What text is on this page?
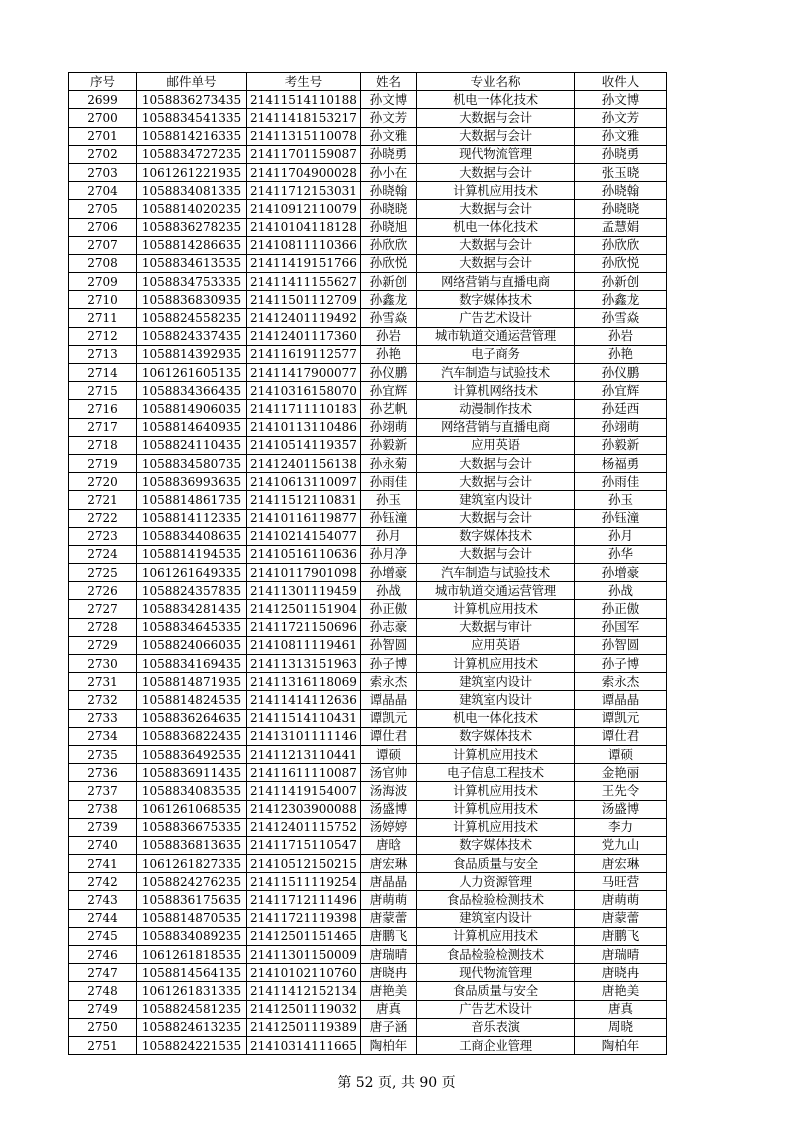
序号	邮件单号	考生号	姓名	专业名称	收件人
2699	1058836273435	21411514110188	孙文博	机电一体化技术	孙文博
2700	1058834541335	21411418153217	孙文芳	大数据与会计	孙文芳
2701	1058814216335	21411315110078	孙文雅	大数据与会计	孙文雅
2702	1058834727235	21411701159087	孙晓勇	现代物流管理	孙晓勇
2703	1061261221935	21411704900028	孙小在	大数据与会计	张玉晓
2704	1058834081335	21411712153031	孙晓翰	计算机应用技术	孙晓翰
2705	1058814020235	21410912110079	孙晓晓	大数据与会计	孙晓晓
2706	1058836278235	21410104118128	孙晓旭	机电一体化技术	孟慧娟
2707	1058814286635	21410811110366	孙欣欣	大数据与会计	孙欣欣
2708	1058834613535	21411419151766	孙欣悦	大数据与会计	孙欣悦
2709	1058834753335	21411411155627	孙新创	网络营销与直播电商	孙新创
2710	1058836830935	21411501112709	孙鑫龙	数字媒体技术	孙鑫龙
2711	1058824558235	21412401119492	孙雪焱	广告艺术设计	孙雪焱
2712	1058824337435	21412401117360	孙岩	城市轨道交通运营管理	孙岩
2713	1058814392935	21411619112577	孙艳	电子商务	孙艳
2714	1061261605135	21411417900077	孙仪鹏	汽车制造与试验技术	孙仪鹏
2715	1058834366435	21410316158070	孙宜辉	计算机网络技术	孙宜辉
2716	1058814906035	21411711110183	孙艺帆	动漫制作技术	孙廷西
2717	1058814640935	21410113110486	孙翊萌	网络营销与直播电商	孙翊萌
2718	1058824110435	21410514119357	孙毅新	应用英语	孙毅新
2719	1058834580735	21412401156138	孙永菊	大数据与会计	杨福勇
2720	1058836993635	21410613110097	孙雨佳	大数据与会计	孙雨佳
2721	1058814861735	21411512110831	孙玉	建筑室内设计	孙玉
2722	1058814112335	21410116119877	孙钰潼	大数据与会计	孙钰潼
2723	1058834408635	21410214154077	孙月	数字媒体技术	孙月
2724	1058814194535	21410516110636	孙月净	大数据与会计	孙华
2725	1061261649335	21410117901098	孙增豪	汽车制造与试验技术	孙增豪
2726	1058824357835	21411301119459	孙战	城市轨道交通运营管理	孙战
2727	1058834281435	21412501151904	孙正傲	计算机应用技术	孙正傲
2728	1058834645335	21411721150696	孙志豪	大数据与审计	孙国军
2729	1058824066035	21410811119461	孙智圆	应用英语	孙智圆
2730	1058834169435	21411313151963	孙子博	计算机应用技术	孙子博
2731	1058814871935	21411316118069	索永杰	建筑室内设计	索永杰
2732	1058814824535	21411414112636	谭晶晶	建筑室内设计	谭晶晶
2733	1058836264635	21411514110431	谭凯元	机电一体化技术	谭凯元
2734	1058836822435	21413101111146	谭仕君	数字媒体技术	谭仕君
2735	1058836492535	21411213110441	谭硕	计算机应用技术	谭硕
2736	1058836911435	21411611110087	汤官帅	电子信息工程技术	金艳丽
2737	1058834083535	21411419154007	汤海波	计算机应用技术	王先令
2738	1061261068535	21412303900088	汤盛博	计算机应用技术	汤盛博
2739	1058836675335	21412401115752	汤婷婷	计算机应用技术	李力
2740	1058836813635	21411715110547	唐晗	数字媒体技术	党九山
2741	1061261827335	21410512150215	唐宏琳	食品质量与安全	唐宏琳
2742	1058824276235	21411511119254	唐晶晶	人力资源管理	马旺营
2743	1058836175635	21411712111496	唐萌萌	食品检验检测技术	唐萌萌
2744	1058814870535	21411721119398	唐蒙蕾	建筑室内设计	唐蒙蕾
2745	1058834089235	21412501151465	唐鹏飞	计算机应用技术	唐鹏飞
2746	1061261818535	21411301150009	唐瑞晴	食品检验检测技术	唐瑞晴
2747	1058814564135	21410102110760	唐晓冉	现代物流管理	唐晓冉
2748	1061261831335	21411412152134	唐艳美	食品质量与安全	唐艳美
2749	1058824581235	21412501119032	唐真	广告艺术设计	唐真
2750	1058824613235	21412501119389	唐子涵	音乐表演	周晓
2751	1058824221535	21410314111665	陶柏年	工商企业管理	陶柏年
第 52 页, 共 90 页
